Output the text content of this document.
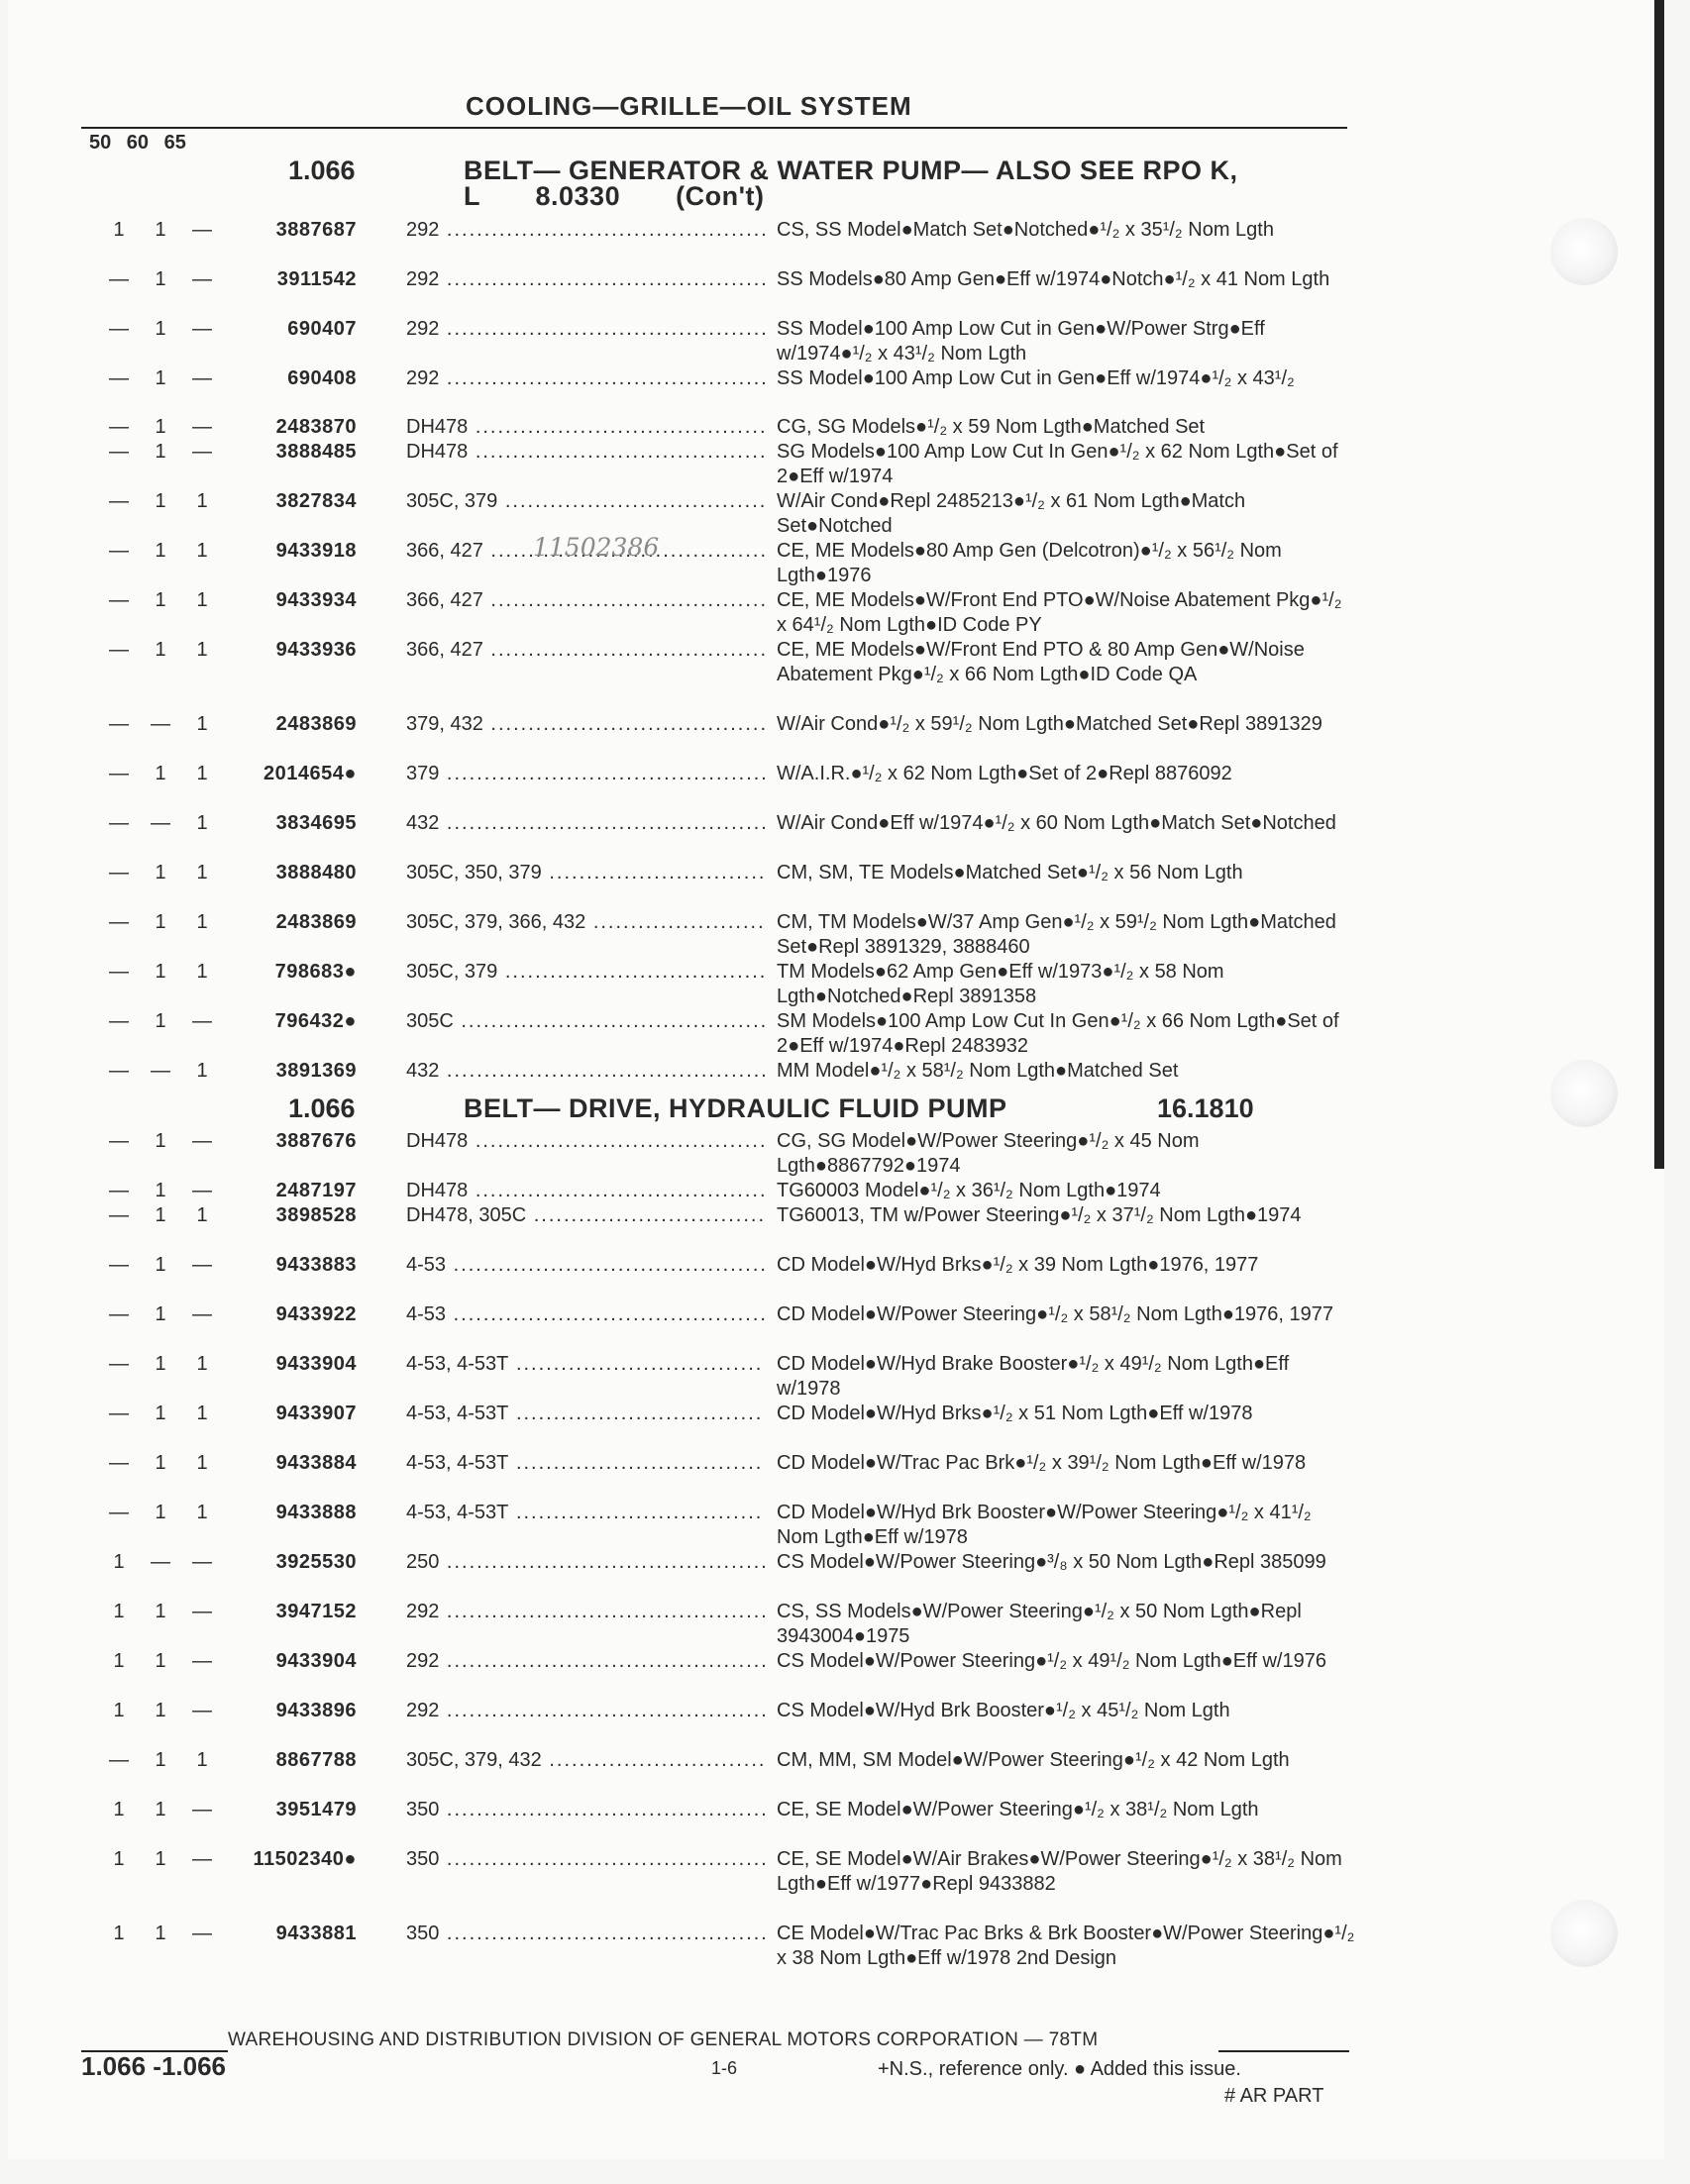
COOLING—GRILLE—OIL SYSTEM
50 60 65
1.066	BELT— GENERATOR & WATER PUMP— ALSO SEE RPO K,
L 8.0330 (Con't)
1.066	BELT— DRIVE, HYDRAULIC FLUID PUMP	16.1810
1	1	—	3887687	292 .....	CS, SS Model●Match Set●Notched●¹/₂ x 35¹/₂ Nom Lgth
—	1	—	3911542	292 .....	SS Models●80 Amp Gen●Eff w/1974●Notch●¹/₂ x 41 Nom Lgth
—	1	—	690407	292 .....	SS Model●100 Amp Low Cut in Gen●W/Power Strg●Eff w/1974●¹/₂ x 43¹/₂ Nom Lgth
—	1	—	690408	292 .....	SS Model●100 Amp Low Cut in Gen●Eff w/1974●¹/₂ x 43¹/₂
—	1	—	2483870	DH478 .....	CG, SG Models●¹/₂ x 59 Nom Lgth●Matched Set
—	1	—	3888485	DH478 .....	SG Models●100 Amp Low Cut In Gen●¹/₂ x 62 Nom Lgth●Set of 2●Eff w/1974
—	1	1	3827834	305C, 379 .....	W/Air Cond●Repl 2485213●¹/₂ x 61 Nom Lgth●Match Set●Notched
—	1	1	9433918	366, 427 .....	CE, ME Models●80 Amp Gen (Delcotron)●¹/₂ x 56¹/₂ Nom Lgth●1976
—	1	1	9433934	366, 427 .....	CE, ME Models●W/Front End PTO●W/Noise Abatement Pkg●¹/₂ x 64¹/₂ Nom Lgth●ID Code PY
—	1	1	9433936	366, 427 .....	CE, ME Models●W/Front End PTO & 80 Amp Gen●W/Noise Abatement Pkg●¹/₂ x 66 Nom Lgth●ID Code QA
—	—	1	2483869	379, 432 .....	W/Air Cond●¹/₂ x 59¹/₂ Nom Lgth●Matched Set●Repl 3891329
—	1	1	2014654●	379 .....	W/A.I.R.●¹/₂ x 62 Nom Lgth●Set of 2●Repl 8876092
—	—	1	3834695	432 .....	W/Air Cond●Eff w/1974●¹/₂ x 60 Nom Lgth●Match Set●Notched
—	1	1	3888480	305C, 350, 379 .....	CM, SM, TE Models●Matched Set●¹/₂ x 56 Nom Lgth
—	1	1	2483869	305C, 379, 366, 432 .....	CM, TM Models●W/37 Amp Gen●¹/₂ x 59¹/₂ Nom Lgth●Matched Set●Repl 3891329, 3888460
—	1	1	798683●	305C, 379 .....	TM Models●62 Amp Gen●Eff w/1973●¹/₂ x 58 Nom Lgth●Notched●Repl 3891358
—	1	—	796432●	305C .....	SM Models●100 Amp Low Cut In Gen●¹/₂ x 66 Nom Lgth●Set of 2●Eff w/1974●Repl 2483932
—	—	1	3891369	432 .....	MM Model●¹/₂ x 58¹/₂ Nom Lgth●Matched Set
—	1	—	3887676	DH478 .....	CG, SG Model●W/Power Steering●¹/₂ x 45 Nom Lgth●8867792●1974
—	1	—	2487197	DH478 .....	TG60003 Model●¹/₂ x 36¹/₂ Nom Lgth●1974
—	1	1	3898528	DH478, 305C .....	TG60013, TM w/Power Steering●¹/₂ x 37¹/₂ Nom Lgth●1974
—	1	—	9433883	4-53 .....	CD Model●W/Hyd Brks●¹/₂ x 39 Nom Lgth●1976, 1977
—	1	—	9433922	4-53 .....	CD Model●W/Power Steering●¹/₂ x 58¹/₂ Nom Lgth●1976, 1977
—	1	1	9433904	4-53, 4-53T .....	CD Model●W/Hyd Brake Booster●¹/₂ x 49¹/₂ Nom Lgth●Eff w/1978
—	1	1	9433907	4-53, 4-53T .....	CD Model●W/Hyd Brks●¹/₂ x 51 Nom Lgth●Eff w/1978
—	1	1	9433884	4-53, 4-53T .....	CD Model●W/Trac Pac Brk●¹/₂ x 39¹/₂ Nom Lgth●Eff w/1978
—	1	1	9433888	4-53, 4-53T .....	CD Model●W/Hyd Brk Booster●W/Power Steering●¹/₂ x 41¹/₂ Nom Lgth●Eff w/1978
1	—	—	3925530	250 .....	CS Model●W/Power Steering●³/₈ x 50 Nom Lgth●Repl 385099
1	1	—	3947152	292 .....	CS, SS Models●W/Power Steering●¹/₂ x 50 Nom Lgth●Repl 3943004●1975
1	1	—	9433904	292 .....	CS Model●W/Power Steering●¹/₂ x 49¹/₂ Nom Lgth●Eff w/1976
1	1	—	9433896	292 .....	CS Model●W/Hyd Brk Booster●¹/₂ x 45¹/₂ Nom Lgth
—	1	1	8867788	305C, 379, 432 .....	CM, MM, SM Model●W/Power Steering●¹/₂ x 42 Nom Lgth
1	1	—	3951479	350 .....	CE, SE Model●W/Power Steering●¹/₂ x 38¹/₂ Nom Lgth
1	1	—	11502340●	350 .....	CE, SE Model●W/Air Brakes●W/Power Steering●¹/₂ x 38¹/₂ Nom Lgth●Eff w/1977●Repl 9433882
1	1	—	9433881	350 .....	CE Model●W/Trac Pac Brks & Brk Booster●W/Power Steering●¹/₂ x 38 Nom Lgth●Eff w/1978 2nd Design
11502386
WAREHOUSING AND DISTRIBUTION DIVISION OF GENERAL MOTORS CORPORATION — 78TM
1.066 -1.066	1-6	+N.S., reference only. ● Added this issue.
# AR PART
